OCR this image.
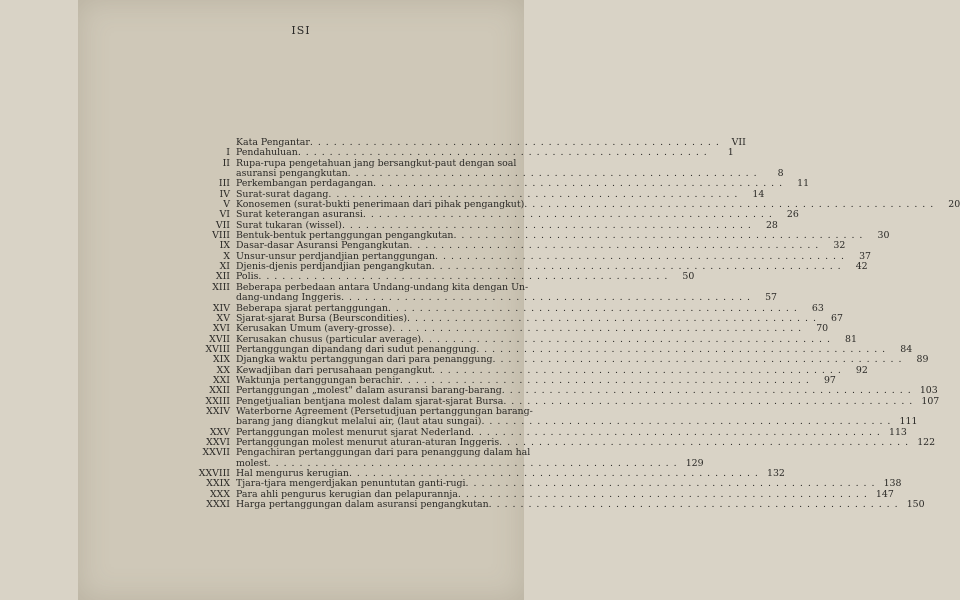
ISI
Kata Pengantar . . . . . . . . . . . . . . . . . . . . . . . . . . . . . . . . . . . . . . . . . . . . . . . . . . . .	VII
I Pendahuluan . . . . . . . . . . . . . . . . . . . . . . . . . . . . . . . . . . . . . . . . . . . . . . . . . . . .	1
II Rupa-rupa pengetahuan jang bersangkut-paut dengan soal
asuransi pengangkutan . . . . . . . . . . . . . . . . . . . . . . . . . . . . . . . . . . . . . . . . . . . . . . . . . . . .	8
III Perkembangan perdagangan . . . . . . . . . . . . . . . . . . . . . . . . . . . . . . . . . . . . . . . . . . . . . . . . . . . .	11
IV Surat-surat dagang . . . . . . . . . . . . . . . . . . . . . . . . . . . . . . . . . . . . . . . . . . . . . . . . . . . .	14
V Konosemen (surat-bukti penerimaan dari pihak pengangkut) . . . . . . . . . . . . . . . . . . . . . . . . . . . . . . . . . . . . . . . . . . . . . . . . . . . .	20
VI Surat keterangan asuransi . . . . . . . . . . . . . . . . . . . . . . . . . . . . . . . . . . . . . . . . . . . . . . . . . . . .	26
VII Surat tukaran (wissel) . . . . . . . . . . . . . . . . . . . . . . . . . . . . . . . . . . . . . . . . . . . . . . . . . . . .	28
VIII Bentuk-bentuk pertanggungan pengangkutan . . . . . . . . . . . . . . . . . . . . . . . . . . . . . . . . . . . . . . . . . . . . . . . . . . . .	30
IX Dasar-dasar Asuransi Pengangkutan . . . . . . . . . . . . . . . . . . . . . . . . . . . . . . . . . . . . . . . . . . . . . . . . . . . .	32
X Unsur-unsur perdjandjian pertanggungan . . . . . . . . . . . . . . . . . . . . . . . . . . . . . . . . . . . . . . . . . . . . . . . . . . . .	37
XI Djenis-djenis perdjandjian pengangkutan . . . . . . . . . . . . . . . . . . . . . . . . . . . . . . . . . . . . . . . . . . . . . . . . . . . .	42
XII Polis . . . . . . . . . . . . . . . . . . . . . . . . . . . . . . . . . . . . . . . . . . . . . . . . . . . .	50
XIII Beberapa perbedaan antara Undang-undang kita dengan Un-
dang-undang Inggeris . . . . . . . . . . . . . . . . . . . . . . . . . . . . . . . . . . . . . . . . . . . . . . . . . . . .	57
XIV Beberapa sjarat pertanggungan . . . . . . . . . . . . . . . . . . . . . . . . . . . . . . . . . . . . . . . . . . . . . . . . . . . .	63
XV Sjarat-sjarat Bursa (Beurscondities) . . . . . . . . . . . . . . . . . . . . . . . . . . . . . . . . . . . . . . . . . . . . . . . . . . . .	67
XVI Kerusakan Umum (avery-grosse) . . . . . . . . . . . . . . . . . . . . . . . . . . . . . . . . . . . . . . . . . . . . . . . . . . . .	70
XVII Kerusakan chusus (particular average) . . . . . . . . . . . . . . . . . . . . . . . . . . . . . . . . . . . . . . . . . . . . . . . . . . . .	81
XVIII Pertanggungan dipandang dari sudut penanggung . . . . . . . . . . . . . . . . . . . . . . . . . . . . . . . . . . . . . . . . . . . . . . . . . . . .	84
XIX Djangka waktu pertanggungan dari para penanggung . . . . . . . . . . . . . . . . . . . . . . . . . . . . . . . . . . . . . . . . . . . . . . . . . . . .	89
XX Kewadjiban dari perusahaan pengangkut . . . . . . . . . . . . . . . . . . . . . . . . . . . . . . . . . . . . . . . . . . . . . . . . . . . .	92
XXI Waktunja pertanggungan berachir . . . . . . . . . . . . . . . . . . . . . . . . . . . . . . . . . . . . . . . . . . . . . . . . . . . .	97
XXII Pertanggungan „molest" dalam asuransi barang-barang . . . . . . . . . . . . . . . . . . . . . . . . . . . . . . . . . . . . . . . . . . . . . . . . . . . . 103
XXIII Pengetjualian bentjana molest dalam sjarat-sjarat Bursa . . . . . . . . . . . . . . . . . . . . . . . . . . . . . . . . . . . . . . . . . . . . . . . . . . . . 107
XXIV Waterborne Agreement (Persetudjuan pertanggungan barang-
barang jang diangkut melalui air, (laut atau sungai) . . . . . . . . . . . . . . . . . . . . . . . . . . . . . . . . . . . . . . . . . . . . . . . . . . . . 111
XXV Pertanggungan molest menurut sjarat Nederland . . . . . . . . . . . . . . . . . . . . . . . . . . . . . . . . . . . . . . . . . . . . . . . . . . . . 113
XXVI Pertanggungan molest menurut aturan-aturan Inggeris . . . . . . . . . . . . . . . . . . . . . . . . . . . . . . . . . . . . . . . . . . . . . . . . . . . . 122
XXVII Pengachiran pertanggungan dari para penanggung dalam hal
molest . . . . . . . . . . . . . . . . . . . . . . . . . . . . . . . . . . . . . . . . . . . . . . . . . . . . 129
XXVIII Hal mengurus kerugian . . . . . . . . . . . . . . . . . . . . . . . . . . . . . . . . . . . . . . . . . . . . . . . . . . . . 132
XXIX Tjara-tjara mengerdjakan penuntutan ganti-rugi . . . . . . . . . . . . . . . . . . . . . . . . . . . . . . . . . . . . . . . . . . . . . . . . . . . . 138
XXX Para ahli pengurus kerugian dan pelapurannja . . . . . . . . . . . . . . . . . . . . . . . . . . . . . . . . . . . . . . . . . . . . . . . . . . . . 147
XXXI Harga pertanggungan dalam asuransi pengangkutan . . . . . . . . . . . . . . . . . . . . . . . . . . . . . . . . . . . . . . . . . . . . . . . . . . . . 150
